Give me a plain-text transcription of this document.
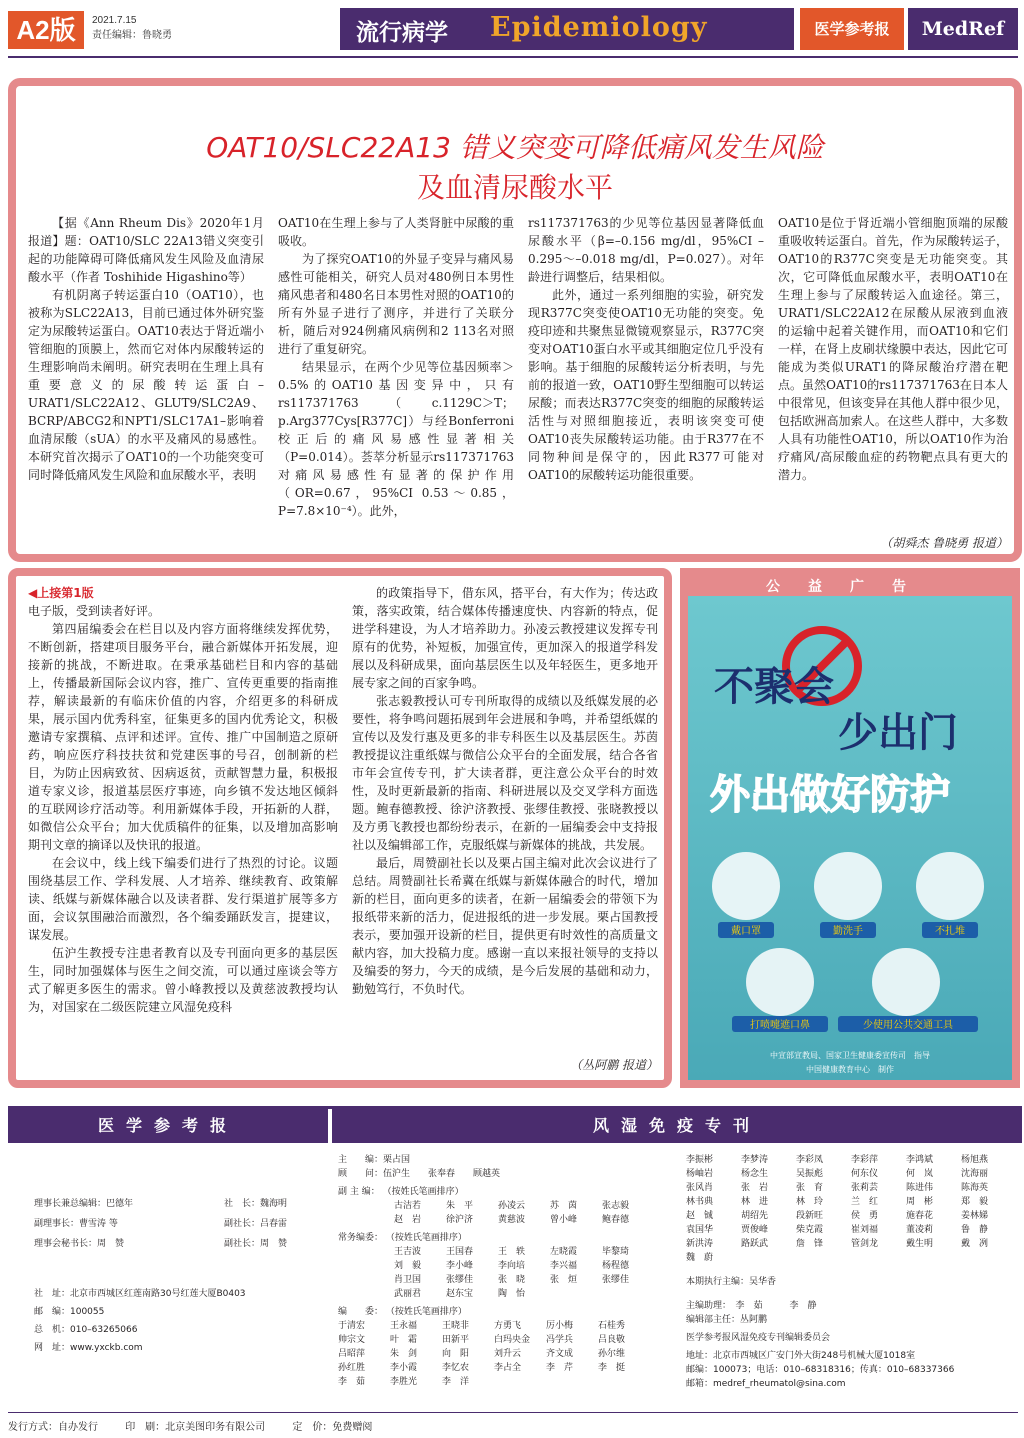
A2版	2021.7.15
责任编辑：鲁晓勇	流行病学 Epidemiology	医学参考报	MedRef
OAT10/SLC22A13 错义突变可降低痛风发生风险
及血清尿酸水平

【据《Ann Rheum Dis》2020年1月报道】题：OAT10/SLC 22A13错义突变引起的功能障碍可降低痛风发生风险及血清尿酸水平（作者 Toshihide Higashino等）

有机阴离子转运蛋白10（OAT10），也被称为SLC22A13，目前已通过体外研究鉴定为尿酸转运蛋白。OAT10表达于肾近端小管细胞的顶膜上，然而它对体内尿酸转运的生理影响尚未阐明。研究表明在生理上具有重要意义的尿酸转运蛋白–URAT1/SLC22A12、GLUT9/SLC2A9、BCRP/ABCG2和NPT1/SLC17A1–影响着血清尿酸（sUA）的水平及痛风的易感性。本研究首次揭示了OAT10的一个功能突变可同时降低痛风发生风险和血尿酸水平，表明

OAT10在生理上参与了人类肾脏中尿酸的重吸收。

为了探究OAT10的外显子变异与痛风易感性可能相关，研究人员对480例日本男性痛风患者和480名日本男性对照的OAT10的所有外显子进行了测序，并进行了关联分析，随后对924例痛风病例和2 113名对照进行了重复研究。

结果显示，在两个少见等位基因频率＞0.5%的OAT10基因变异中，只有rs117371763（c.1129C＞T；p.Arg377Cys[R377C]）与经Bonferroni校正后的痛风易感性显著相关（P=0.014）。荟萃分析显示rs117371763对痛风易感性有显著的保护作用（OR=0.67，95%CI 0.53～0.85，P=7.8×10⁻⁴）。此外，

rs117371763的少见等位基因显著降低血尿酸水平（β=–0.156 mg/dl，95%CI –0.295～–0.018 mg/dl，P=0.027）。对年龄进行调整后，结果相似。

此外，通过一系列细胞的实验，研究发现R377C突变使OAT10无功能的突变。免疫印迹和共聚焦显微镜观察显示，R377C突变对OAT10蛋白水平或其细胞定位几乎没有影响。基于细胞的尿酸转运分析表明，与先前的报道一致，OAT10野生型细胞可以转运尿酸；而表达R377C突变的细胞的尿酸转运活性与对照细胞接近，表明该突变可使OAT10丧失尿酸转运功能。由于R377在不同物种间是保守的，因此R377可能对OAT10的尿酸转运功能很重要。

OAT10是位于肾近端小管细胞顶端的尿酸重吸收转运蛋白。首先，作为尿酸转运子，OAT10的R377C突变是无功能突变。其次，它可降低血尿酸水平，表明OAT10在生理上参与了尿酸转运入血途径。第三，URAT1/SLC22A12在尿酸从尿液到血液的运输中起着关键作用，而OAT10和它们一样，在肾上皮刷状缘膜中表达，因此它可能成为类似URAT1的降尿酸治疗潜在靶点。虽然OAT10的rs117371763在日本人中很常见，但该变异在其他人群中很少见，包括欧洲高加索人。在这些人群中，大多数人具有功能性OAT10，所以OAT10作为治疗痛风/高尿酸血症的药物靶点具有更大的潜力。
（胡舜杰 鲁晓勇 报道）
◀上接第1版

电子版，受到读者好评。

第四届编委会在栏目以及内容方面将继续发挥优势，不断创新，搭建项目服务平台，融合新媒体开拓发展，迎接新的挑战，不断进取。在秉承基础栏目和内容的基础上，传播最新国际会议内容，推广、宣传更重要的指南推荐，解读最新的有临床价值的内容，介绍更多的科研成果，展示国内优秀科室，征集更多的国内优秀论文，积极邀请专家撰稿、点评和述评。宣传、推广中国制造之原研药，响应医疗科技扶贫和党建医事的号召，创制新的栏目，为防止因病致贫、因病返贫，贡献智慧力量，积极报道专家义诊，报道基层医疗事迹，向乡镇不发达地区倾斜的互联网诊疗活动等。利用新媒体手段，开拓新的人群，如微信公众平台；加大优质稿件的征集，以及增加高影响期刊文章的摘译以及快讯的报道。

在会议中，线上线下编委们进行了热烈的讨论。议题围绕基层工作、学科发展、人才培养、继续教育、政策解读、纸媒与新媒体融合以及读者群、发行渠道扩展等多方面，会议氛围融洽而激烈，各个编委踊跃发言，提建议，谋发展。

伍沪生教授专注患者教育以及专刊面向更多的基层医生，同时加强媒体与医生之间交流，可以通过座谈会等方式了解更多医生的需求。曾小峰教授以及黄慈波教授均认为，对国家在二级医院建立风湿免疫科

的政策指导下，借东风，搭平台，有大作为；传达政策，落实政策，结合媒体传播速度快、内容新的特点，促进学科建设，为人才培养助力。孙凌云教授建议发挥专刊原有的优势，补短板，加强宣传，更加深入的报道学科发展以及科研成果，面向基层医生以及年轻医生，更多地开展专家之间的百家争鸣。

张志毅教授认可专刊所取得的成绩以及纸媒发展的必要性，将争鸣问题拓展到年会进展和争鸣，并希望纸媒的宣传以及发行惠及更多的非专科医生以及基层医生。苏茵教授提议注重纸媒与微信公众平台的全面发展，结合各省市年会宣传专刊，扩大读者群，更注意公众平台的时效性，及时更新最新的指南、科研进展以及交叉学科方面选题。鲍春德教授、徐沪济教授、张缪佳教授、张晓教授以及方勇飞教授也都纷纷表示，在新的一届编委会中支持报社以及编辑部工作，克服纸媒与新媒体的挑战，共发展。

最后，周赞副社长以及栗占国主编对此次会议进行了总结。周赞副社长希冀在纸媒与新媒体融合的时代，增加新的栏目，面向更多的读者，在新一届编委会的带领下为报纸带来新的活力，促进报纸的进一步发展。栗占国教授表示，要加强开设新的栏目，提供更有时效性的高质量文献内容，加大投稿力度。感谢一直以来报社领导的支持以及编委的努力，今天的成绩，是今后发展的基础和动力，勤勉笃行，不负时代。

（丛阿鹏 报道）
公益广告
不聚会
少出门
外出做好防护
戴口罩	勤洗手	不扎堆
打喷嚏遮口鼻	少使用公共交通工具
中宣部宣教局、国家卫生健康委宣传司　指导
中国健康教育中心　制作
医学参考报	风湿免疫专刊
理事长兼总编辑：巴德年	社　长：魏海明
副理事长：曹雪涛 等	副社长：吕春雷
理事会秘书长：周　赞	副社长：周　赞
社　址：北京市西城区红莲南路30号红莲大厦B0403
邮　编：100055
总　机：010–63265066
网　址：www.yxckb.com
主　　编：栗占国
顾　　问：伍沪生　　张奉春　　顾越英
副 主 编： （按姓氏笔画排序）
古洁若	朱　平	孙凌云	苏　茵	张志毅
赵　岩	徐沪济	黄慈波	曾小峰	鲍春德
常务编委： （按姓氏笔画排序）
王吉波	王国春	王　轶	左晓霞	毕黎琦
刘　毅	李小峰	李向培	李兴福	杨程德
肖卫国	张缪佳	张　晓	张　烜	张缪佳
武丽君	赵东宝	陶　怡
编　　委： （按姓氏笔画排序）
于清宏	王永福	王晓非	方勇飞	厉小梅	石桂秀
帅宗文	叶　霜	田新平	白玛央金	冯学兵	吕良敬
吕昭萍	朱　剑	向　阳	刘升云	齐文成	孙尔维
孙红胜	李小霞	李忆农	李占全	李　芹	李　挺
李　茹	李胜光	李　洋
李振彬	李梦涛	李彩凤	李彩萍	李鸿斌	杨旭燕
杨岫岩	杨念生	吴振彪	何东仪	何　岚	沈海丽
张风肖	张　岩	张　育	张莉芸	陈进伟	陈海英
林书典	林　进	林　玲	兰　红	周　彬	郑　毅
赵　铖	胡绍先	段新旺	侯　勇	施春花	姜林娣
袁国华	贾俊峰	柴克霞	崔刘福	董凌莉	鲁　静
新洪涛	路跃武	詹　锋	管剑龙	戴生明	戴　冽
魏　蔚
本期执行主编：吴华香
主编助理：　李　茹　　　李　静
编辑部主任：丛阿鹏
医学参考报风湿免疫专刊编辑委员会
地址：北京市西城区广安门外大街248号机械大厦1018室
邮编：100073；电话：010–68318316；传真：010–68337366
邮箱：medref_rheumatol@sina.com
发行方式：自办发行	印　刷：北京美图印务有限公司	定　价：免费赠阅
